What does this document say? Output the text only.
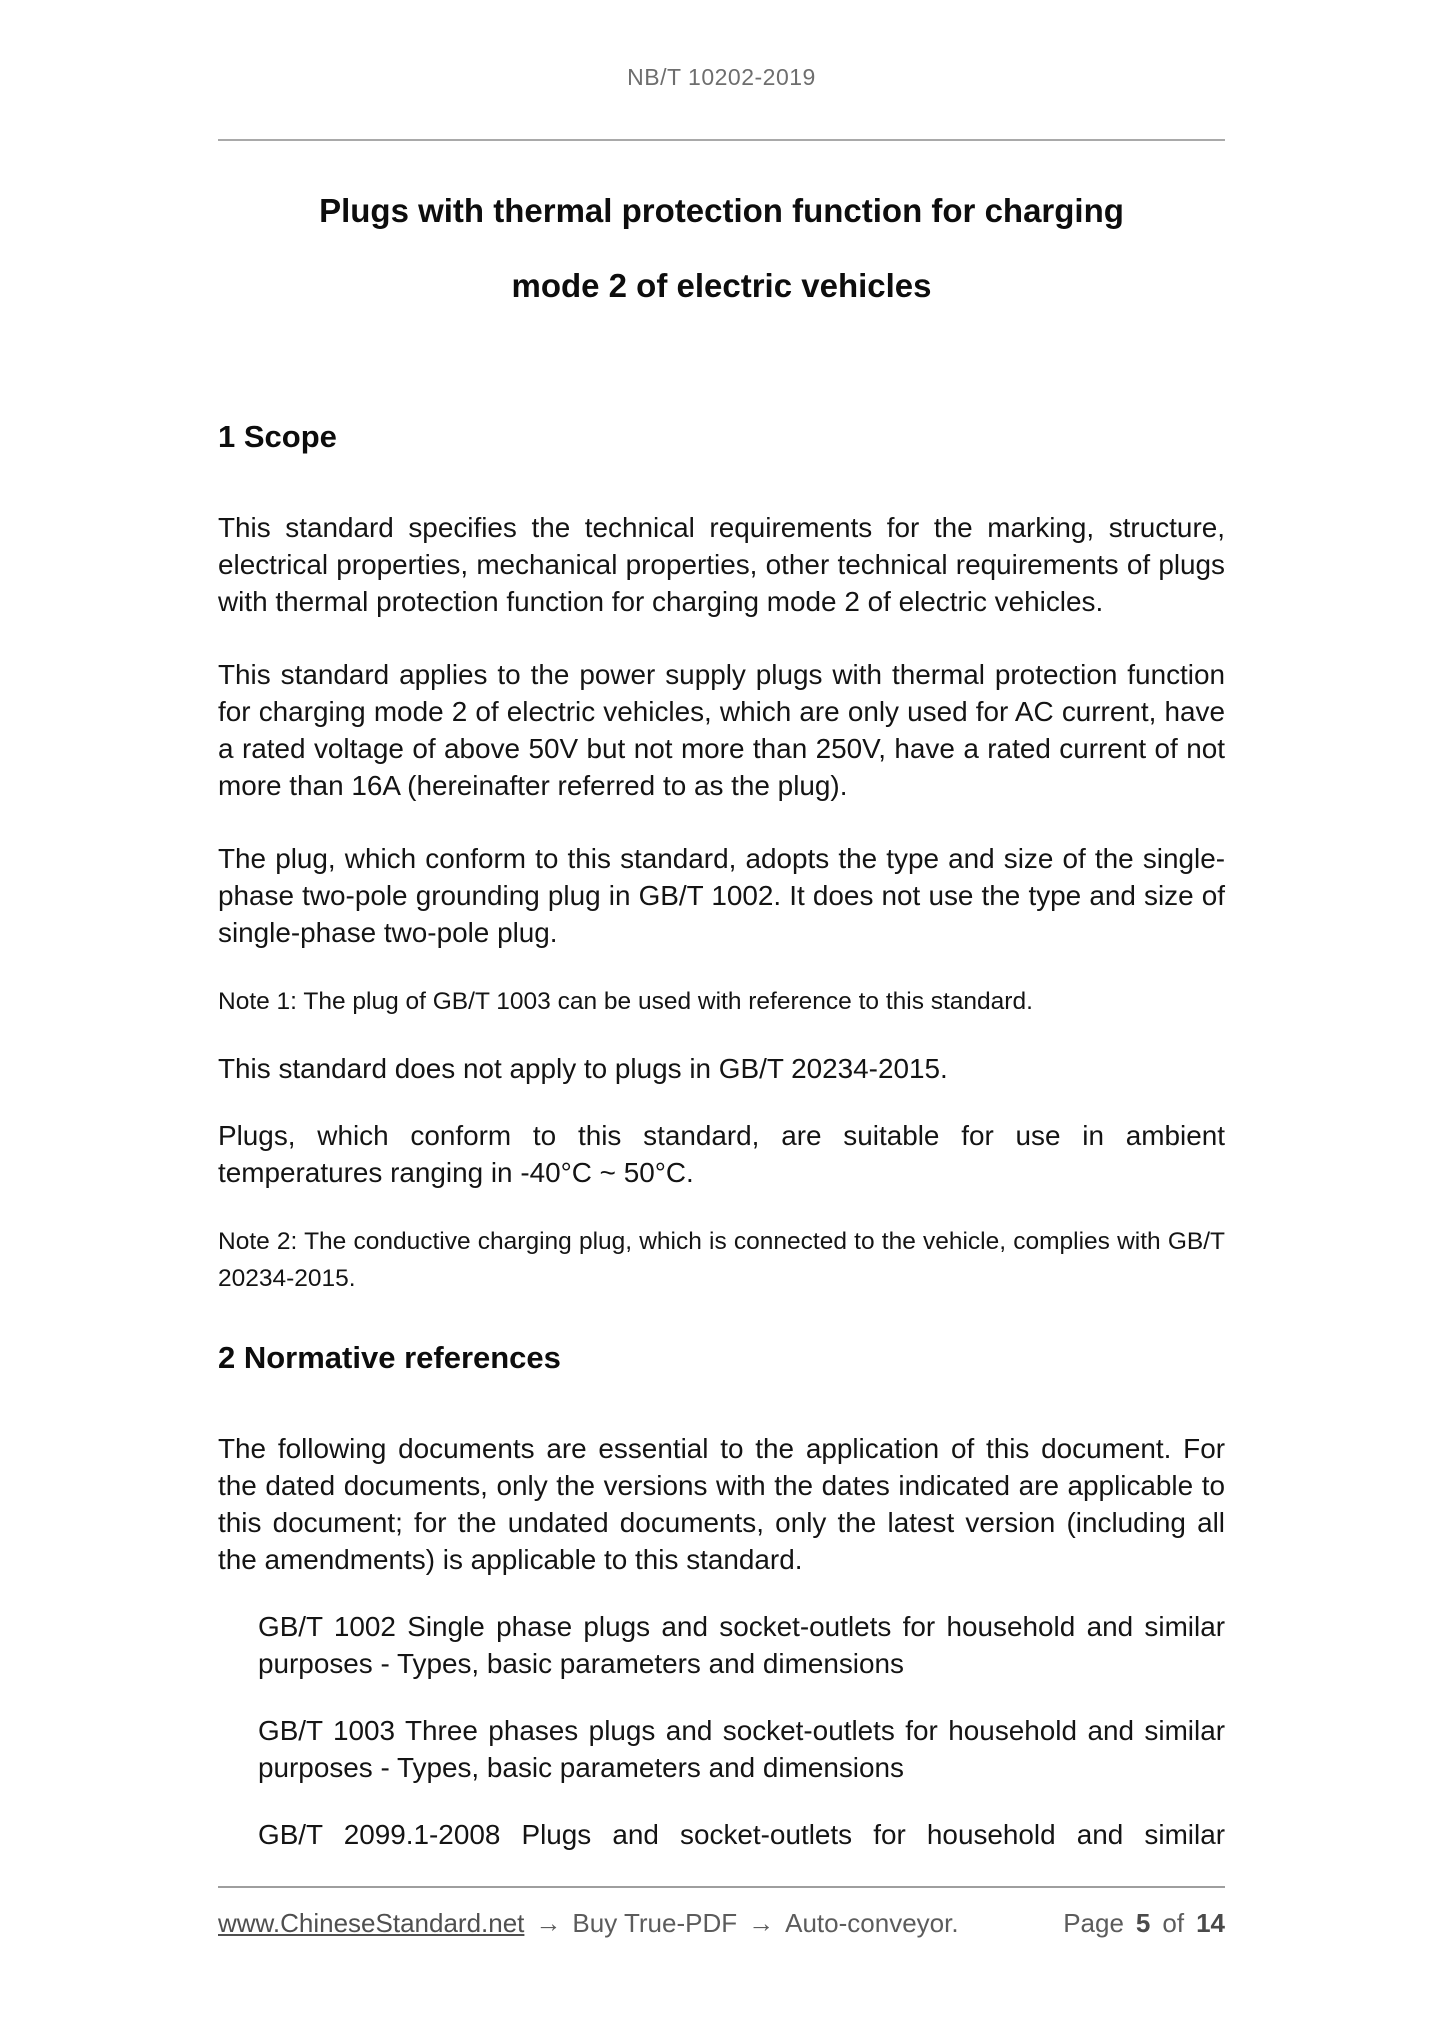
NB/T 10202-2019
Plugs with thermal protection function for charging
mode 2 of electric vehicles
1 Scope

This standard specifies the technical requirements for the marking, structure, electrical properties, mechanical properties, other technical requirements of plugs with thermal protection function for charging mode 2 of electric vehicles.

This standard applies to the power supply plugs with thermal protection function for charging mode 2 of electric vehicles, which are only used for AC current, have a rated voltage of above 50V but not more than 250V, have a rated current of not more than 16A (hereinafter referred to as the plug).

The plug, which conform to this standard, adopts the type and size of the single-phase two-pole grounding plug in GB/T 1002. It does not use the type and size of single-phase two-pole plug.

Note 1: The plug of GB/T 1003 can be used with reference to this standard.

This standard does not apply to plugs in GB/T 20234-2015.

Plugs, which conform to this standard, are suitable for use in ambient temperatures ranging in -40°C ~ 50°C.

Note 2: The conductive charging plug, which is connected to the vehicle, complies with GB/T 20234-2015.

2 Normative references

The following documents are essential to the application of this document. For the dated documents, only the versions with the dates indicated are applicable to this document; for the undated documents, only the latest version (including all the amendments) is applicable to this standard.

GB/T 1002 Single phase plugs and socket-outlets for household and similar purposes - Types, basic parameters and dimensions

GB/T 1003 Three phases plugs and socket-outlets for household and similar purposes - Types, basic parameters and dimensions

GB/T 2099.1-2008 Plugs and socket-outlets for household and similar

www.ChineseStandard.net → Buy True-PDF → Auto-conveyor.	Page 5 of 14
